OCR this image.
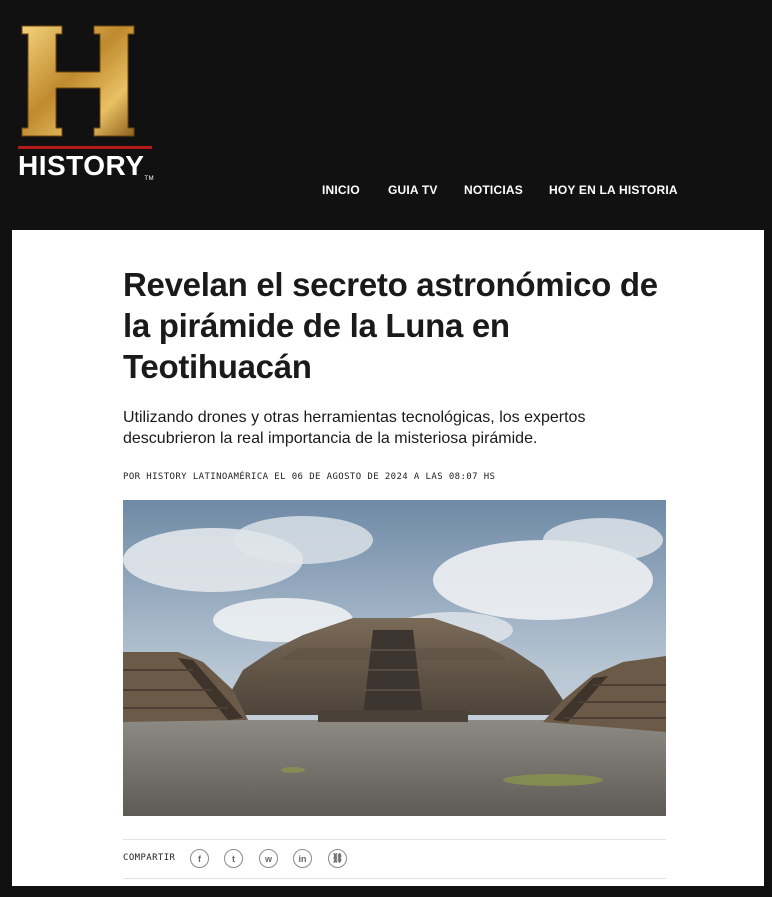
HISTORYTM
INICIO GUIA TV NOTICIAS HOY EN LA HISTORIA
Revelan el secreto astronómico de la pirámide de la Luna en Teotihuacán

Utilizando drones y otras herramientas tecnológicas, los expertos descubrieron la real importancia de la misteriosa pirámide.

POR HISTORY LATINOAMÉRICA EL 06 DE AGOSTO DE 2024 A LAS 08:07 HS
COMPARTIR	f	t	w	in	⛓
